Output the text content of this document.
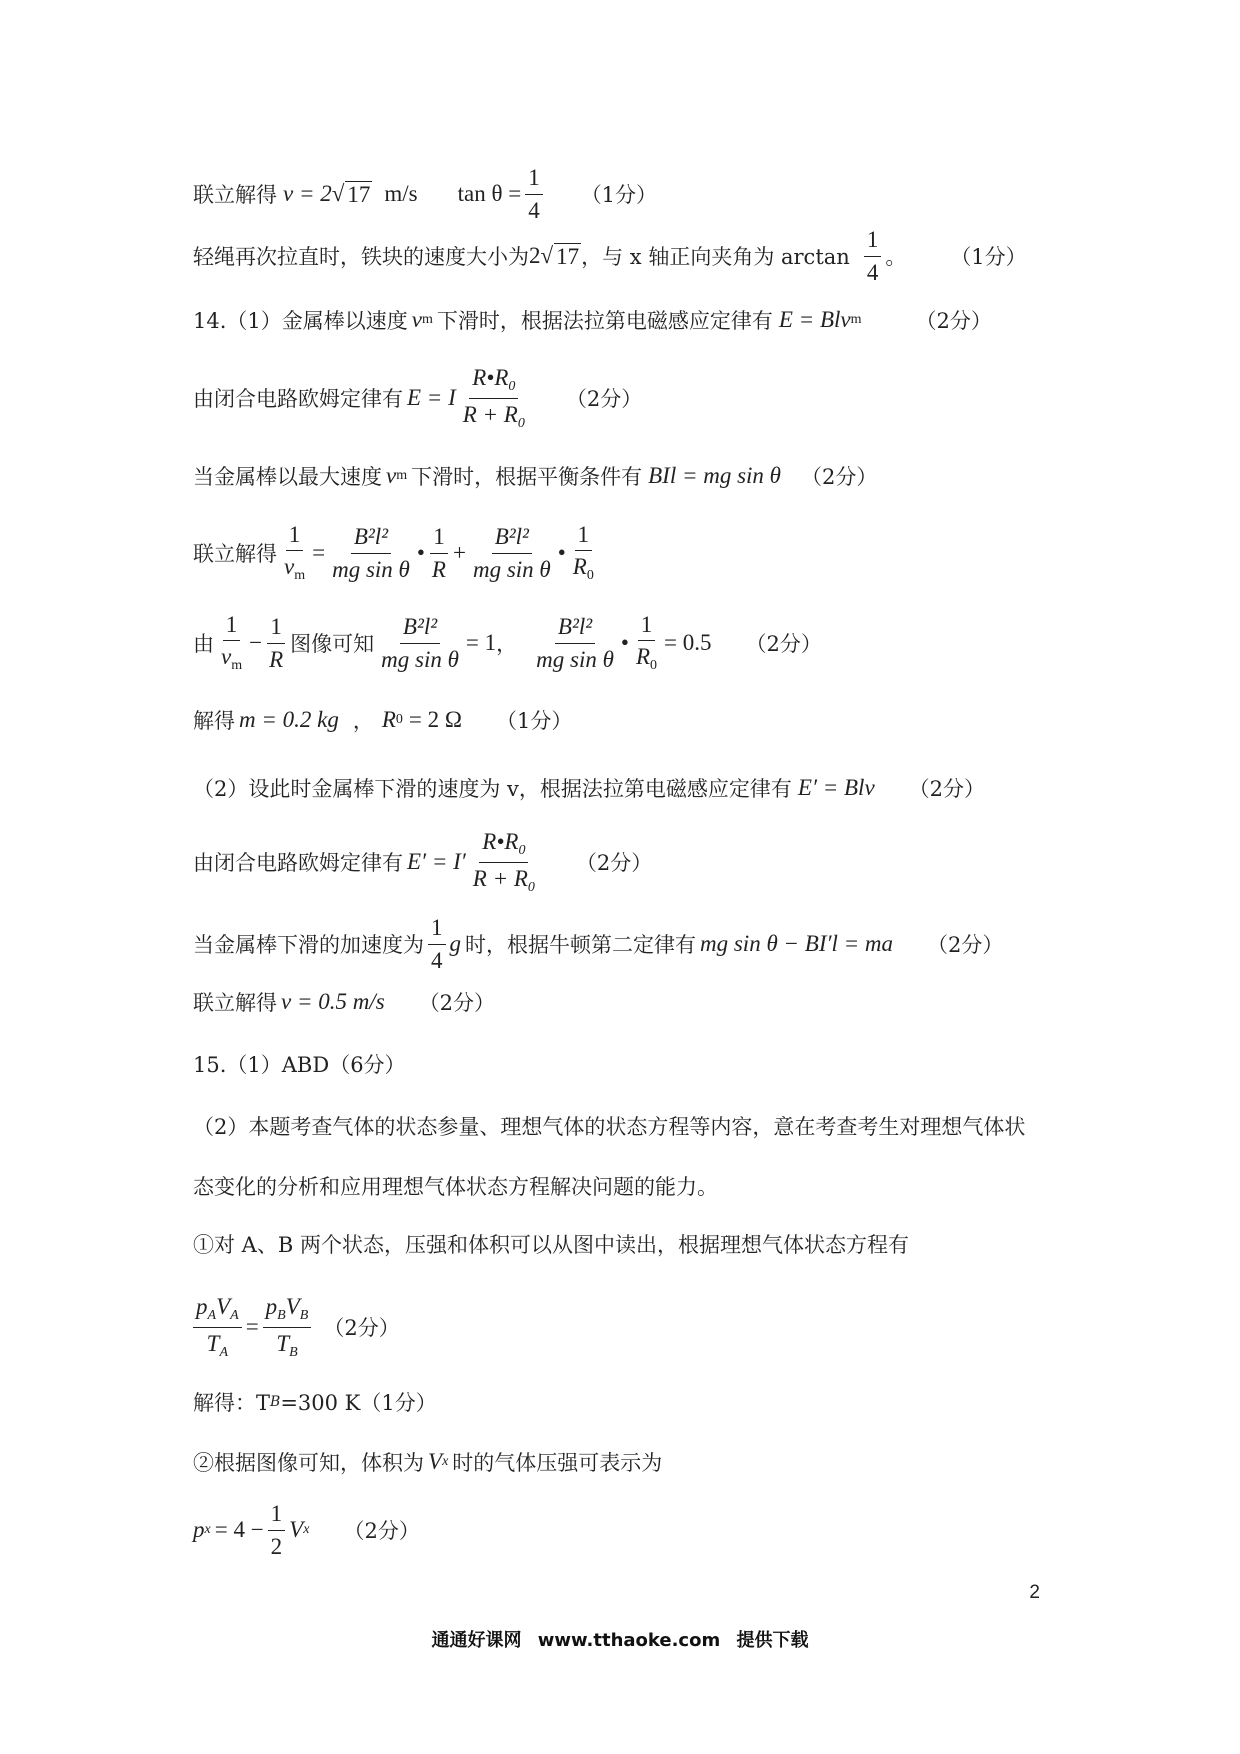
联立解得 v = 2 √ 17 m/s $\tan \theta = \frac{1}{4} (1$分）
轻绳再次拉直时，铁块的速度大小为 2 √ 17 ，与 x 轴正向夹角为 $\arctan \frac{1}{4}$ 。 （1分）
14.（1）金属棒以速度 v m 下滑时，根据法拉第电磁感应定律有 E = Blv m	（2分）
由闭合电路欧姆定律有 E = I $\frac{R•R_0}{R + R_0} (2$分）
当金属棒以最大速度 v m 下滑时，根据平衡条件有 BIl = mg sin θ （2分）
联立解得 $\frac{1}{v_m} = \frac{\text{B²l²}}{\text{mg sin θ}}$ • $\frac{1}{R} + \frac{\text{B²l²}}{\text{mg sin θ}}$ • $\frac{1}{R_0}$
由 $\frac{1}{v_m} - \frac{1}{R}$ 图像可知 $\frac{\text{B²l²}}{\text{mg sin θ}} = 1$ ， $\frac{\text{B²l²}}{\text{mg sin θ}}$ • $\frac{1}{R_0} = 0.5$ （2分）
解得 m = 0.2 kg ， R 0 = 2 Ω （1分）
（2）设此时金属棒下滑的速度为 v，根据法拉第电磁感应定律有 E′ = Blv （2分）
由闭合电路欧姆定律有 $E' = I' \frac{R•R_0}{R + R_0} (2$分）
当金属棒下滑的加速度为 $\frac{1}{4}$ g 时，根据牛顿第二定律有 mg sin θ − BI′l = ma （2分）
联立解得 v = 0.5 m/s （2分）
15.（1）ABD（6分）
（2）本题考查气体的状态参量、理想气体的状态方程等内容，意在考查考生对理想气体状
态变化的分析和应用理想气体状态方程解决问题的能力。
①对 A、B 两个状态，压强和体积可以从图中读出，根据理想气体状态方程有
$\frac{p_AV_A}{T_A} = \frac{p_BV_B}{T_B} (2$分）
解得：T B =300 K（1分）
②根据图像可知，体积为 V x 时的气体压强可表示为
p $x = 4 - \frac{1}{2}$ V x （2分）
2
通通好课网 www.tthaoke.com 提供下载
